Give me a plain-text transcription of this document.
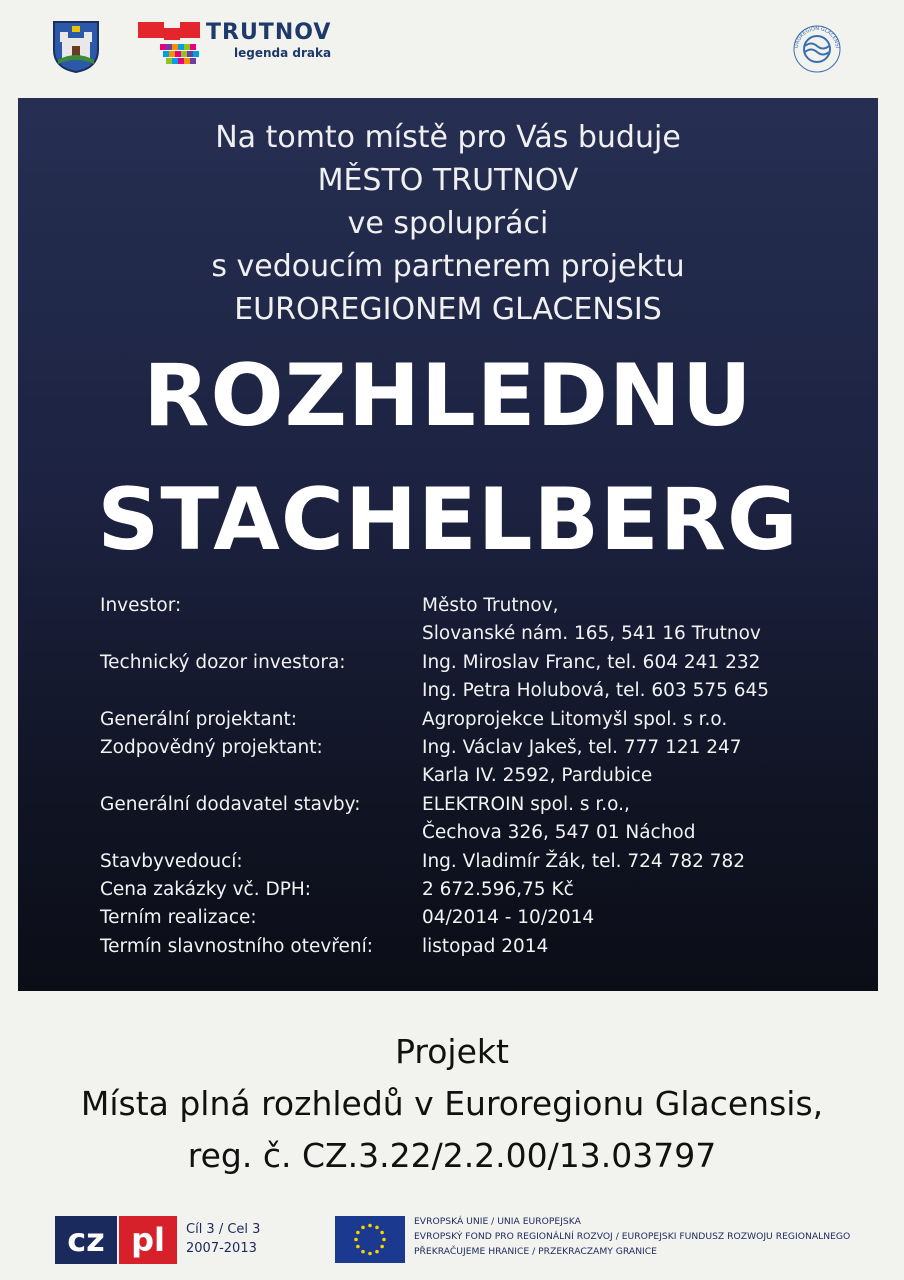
TRUTNOV
legenda draka	UROREGION GLACENSI
Na tomto místě pro Vás buduje
MĚSTO TRUTNOV
ve spolupráci
s vedoucím partnerem projektu
EUROREGIONEM GLACENSIS
ROZHLEDNU
STACHELBERG
Investor:	Město Trutnov,
Slovanské nám. 165, 541 16 Trutnov
Technický dozor investora:	Ing. Miroslav Franc, tel. 604 241 232
Ing. Petra Holubová, tel. 603 575 645
Generální projektant:	Agroprojekce Litomyšl spol. s r.o.
Zodpovědný projektant:	Ing. Václav Jakeš, tel. 777 121 247
Karla IV. 2592, Pardubice
Generální dodavatel stavby:	ELEKTROIN spol. s r.o.,
Čechova 326, 547 01 Náchod
Stavbyvedoucí:	Ing. Vladimír Žák, tel. 724 782 782
Cena zakázky vč. DPH:	2 672.596,75 Kč
Terním realizace:	04/2014 - 10/2014
Termín slavnostního otevření:	listopad 2014
Projekt
Místa plná rozhledů v Euroregionu Glacensis,
reg. č. CZ.3.22/2.2.00/13.03797
cz pl	Cíl 3 / Cel 3
2007-2013
EVROPSKÁ UNIE / UNIA EUROPEJSKA
EVROPSKÝ FOND PRO REGIONÁLNÍ ROZVOJ / EUROPEJSKI FUNDUSZ ROZWOJU REGIONALNEGO
PŘEKRAČUJEME HRANICE / PRZEKRACZAMY GRANICE
